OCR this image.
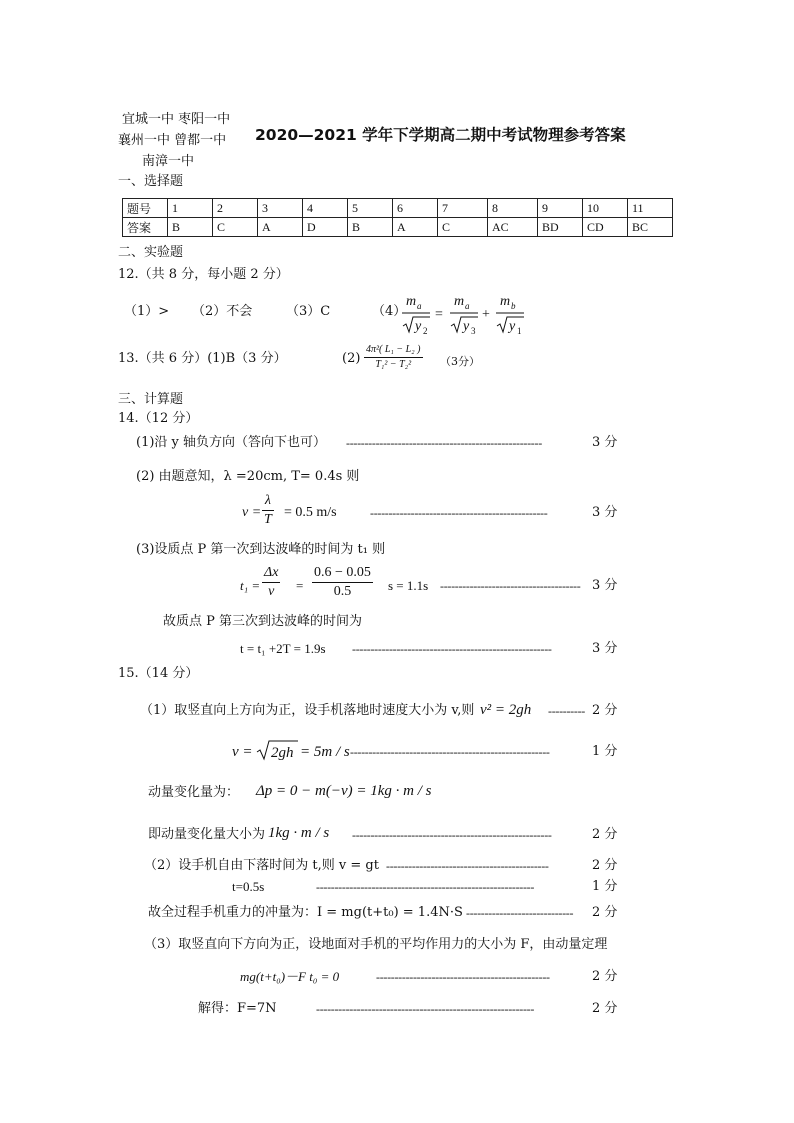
宜城一中 枣阳一中
襄州一中 曾都一中
南漳一中
2020—2021 学年下学期高二期中考试物理参考答案
一、选择题
题号	1	2	3	4	5	6	7	8	9	10	11
答案	B	C	A	D	B	A	C	AC	BD	CD	BC
二、实验题
12.（共 8 分，每小题 2 分）
（1）> （2）不会	（3）C	（4）
m a
y 2
=
m a
y 3
+
m b
y 1
13.（共 6 分）(1)B（3 分）	(2)
4π²( L₁ − L₂ )
T₁² − T₂²	（3分）
三、计算题
14.（12 分）
(1)沿 y 轴负方向（答向下也可） -----------------------------------------------------	3 分
(2) 由题意知，λ =20cm, T= 0.4s 则
v =
λ
T = 0.5 m/s	------------------------------------------------	3 分
(3)设质点 P 第一次到达波峰的时间为 t₁ 则
t₁ =
Δx
v =
0.6 − 0.05
0.5	s = 1.1s -------------------------------------- 3 分
故质点 P 第三次到达波峰的时间为
t = t₁ +2T = 1.9s ------------------------------------------------------	3 分
15.（14 分）
（1）取竖直向上方向为正，设手机落地时速度大小为 v,则 v² = 2gh ---------- 2 分
v = 2gh = 5m / s ------------------------------------------------------	1 分
动量变化量为： Δp = 0 − m(−v) = 1kg · m / s
即动量变化量大小为 1kg · m / s ------------------------------------------------------	2 分
（2）设手机自由下落时间为 t,则 v = gt --------------------------------------------	2 分
t=0.5s	-----------------------------------------------------------	1 分
故全过程手机重力的冲量为：I = mg(t+t₀) = 1.4N·S ----------------------------- 2 分
（3）取竖直向下方向为正，设地面对手机的平均作用力的大小为 F，由动量定理
mg(t+t₀)－F t₀ = 0	-----------------------------------------------	2 分
解得：F=7N	-----------------------------------------------------------	2 分
